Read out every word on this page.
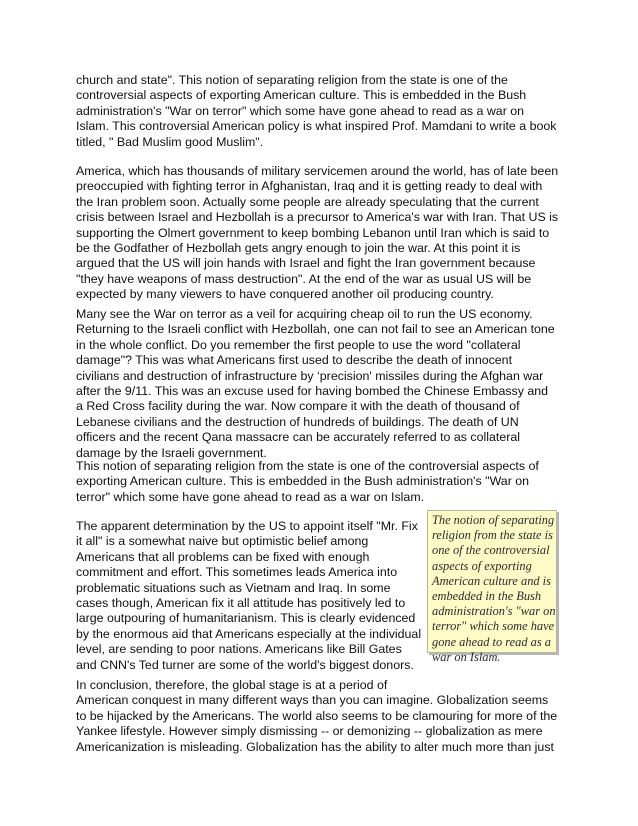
church and state". This notion of separating religion from the state is one of the
controversial aspects of exporting American culture. This is embedded in the Bush
administration's "War on terror" which some have gone ahead to read as a war on
Islam. This controversial American policy is what inspired Prof. Mamdani to write a book
titled, " Bad Muslim good Muslim".

America, which has thousands of military servicemen around the world, has of late been
preoccupied with fighting terror in Afghanistan, Iraq and it is getting ready to deal with
the Iran problem soon. Actually some people are already speculating that the current
crisis between Israel and Hezbollah is a precursor to America's war with Iran. That US is
supporting the Olmert government to keep bombing Lebanon until Iran which is said to
be the Godfather of Hezbollah gets angry enough to join the war. At this point it is
argued that the US will join hands with Israel and fight the Iran government because
"they have weapons of mass destruction". At the end of the war as usual US will be
expected by many viewers to have conquered another oil producing country.

Many see the War on terror as a veil for acquiring cheap oil to run the US economy.
Returning to the Israeli conflict with Hezbollah, one can not fail to see an American tone
in the whole conflict. Do you remember the first people to use the word "collateral
damage"? This was what Americans first used to describe the death of innocent
civilians and destruction of infrastructure by ‘precision' missiles during the Afghan war
after the 9/11. This was an excuse used for having bombed the Chinese Embassy and
a Red Cross facility during the war. Now compare it with the death of thousand of
Lebanese civilians and the destruction of hundreds of buildings. The death of UN
officers and the recent Qana massacre can be accurately referred to as collateral
damage by the Israeli government.

This notion of separating religion from the state is one of the controversial aspects of
exporting American culture. This is embedded in the Bush administration's "War on
terror" which some have gone ahead to read as a war on Islam.

The apparent determination by the US to appoint itself "Mr. Fix
it all" is a somewhat naive but optimistic belief among
Americans that all problems can be fixed with enough
commitment and effort. This sometimes leads America into
problematic situations such as Vietnam and Iraq. In some
cases though, American fix it all attitude has positively led to
large outpouring of humanitarianism. This is clearly evidenced
by the enormous aid that Americans especially at the individual
level, are sending to poor nations. Americans like Bill Gates
and CNN's Ted turner are some of the world's biggest donors.

The notion of separating
religion from the state is
one of the controversial
aspects of exporting
American culture and is
embedded in the Bush
administration's "war on
terror" which some have
gone ahead to read as a
war on Islam.

In conclusion, therefore, the global stage is at a period of
American conquest in many different ways than you can imagine. Globalization seems
to be hijacked by the Americans. The world also seems to be clamouring for more of the
Yankee lifestyle. However simply dismissing -- or demonizing -- globalization as mere
Americanization is misleading. Globalization has the ability to alter much more than just
